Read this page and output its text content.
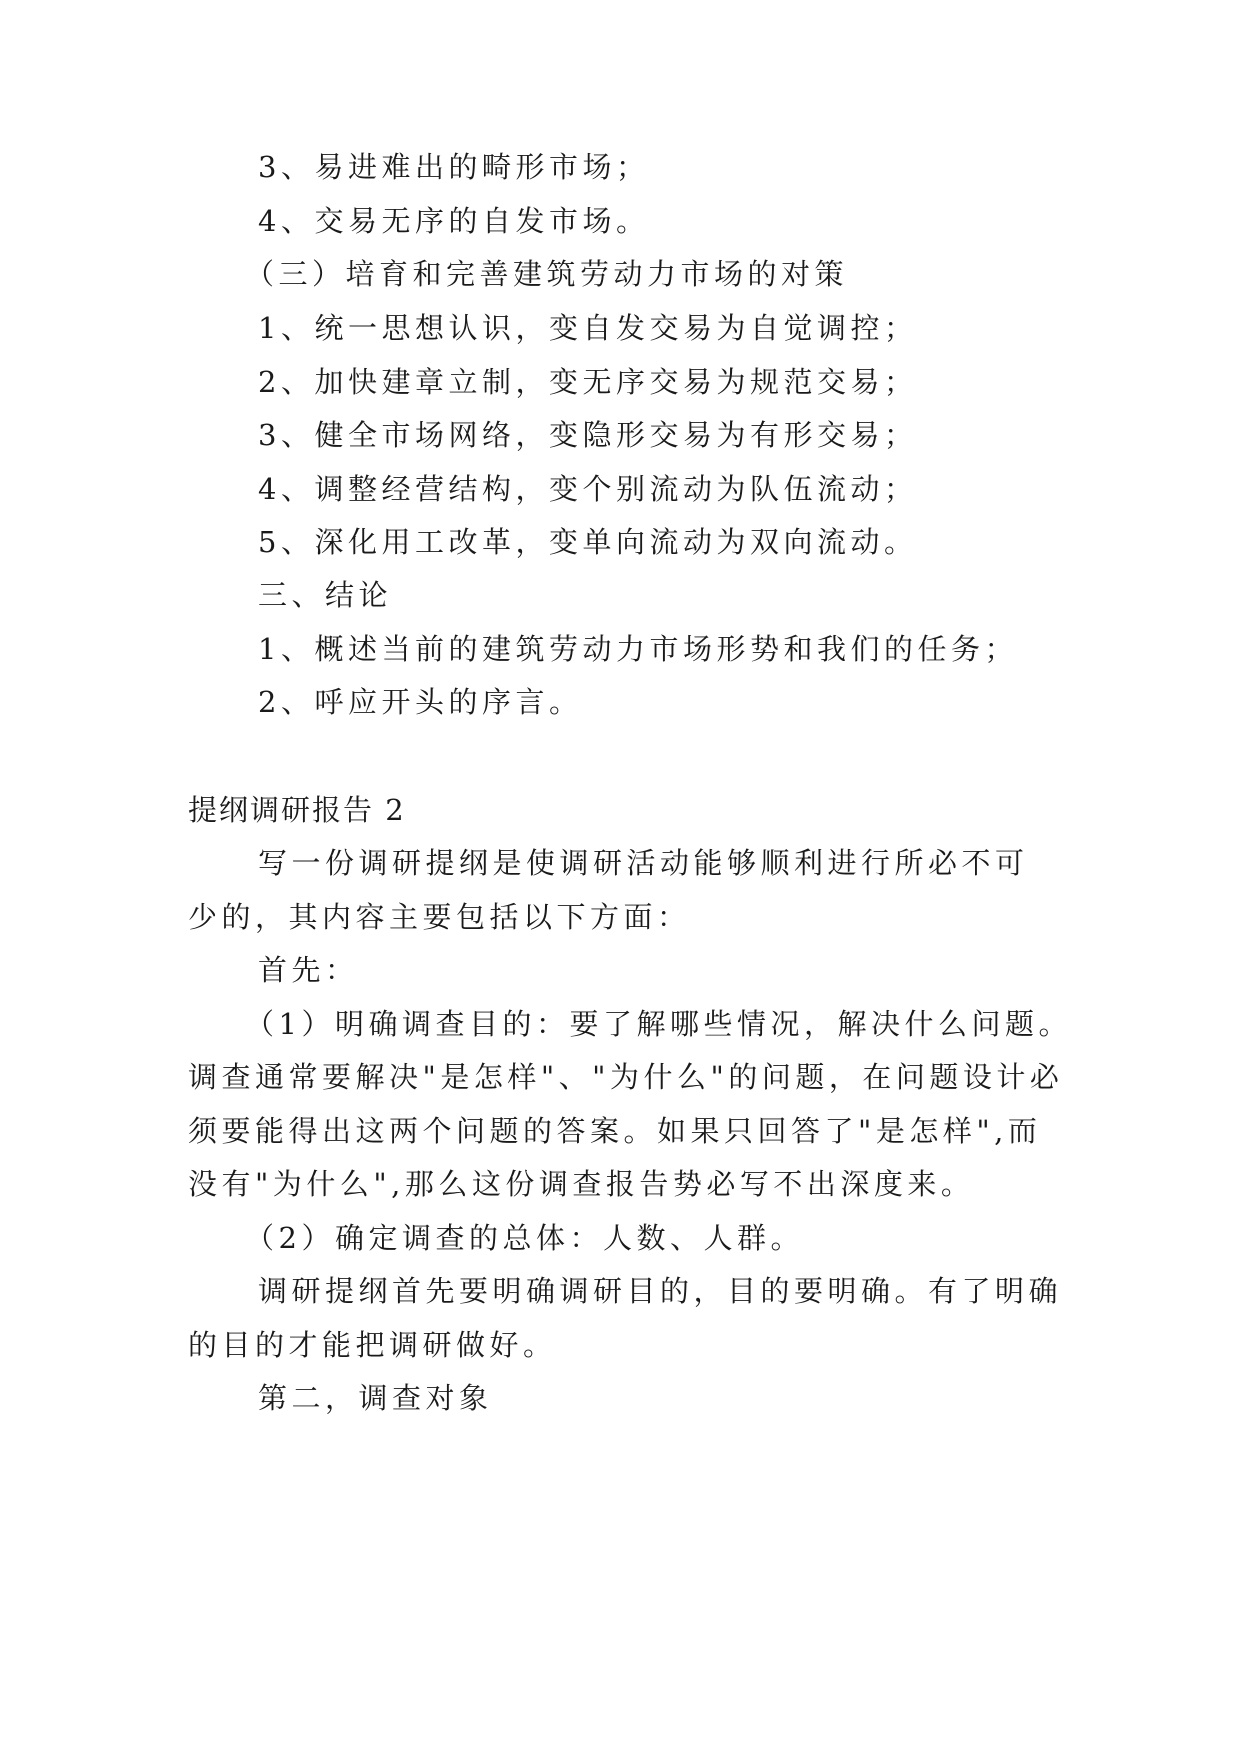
3、易进难出的畸形市场；

4、交易无序的自发市场。

（三）培育和完善建筑劳动力市场的对策

1、统一思想认识，变自发交易为自觉调控；

2、加快建章立制，变无序交易为规范交易；

3、健全市场网络，变隐形交易为有形交易；

4、调整经营结构，变个别流动为队伍流动；

5、深化用工改革，变单向流动为双向流动。

三、结论

1、概述当前的建筑劳动力市场形势和我们的任务；

2、呼应开头的序言。

提纲调研报告 2

写一份调研提纲是使调研活动能够顺利进行所必不可

少的，其内容主要包括以下方面：

首先：

（1）明确调查目的：要了解哪些情况，解决什么问题。

调查通常要解决"是怎样"、"为什么"的问题，在问题设计必

须要能得出这两个问题的答案。如果只回答了"是怎样",而

没有"为什么",那么这份调查报告势必写不出深度来。

（2）确定调查的总体：人数、人群。

调研提纲首先要明确调研目的，目的要明确。有了明确

的目的才能把调研做好。

第二，调查对象
